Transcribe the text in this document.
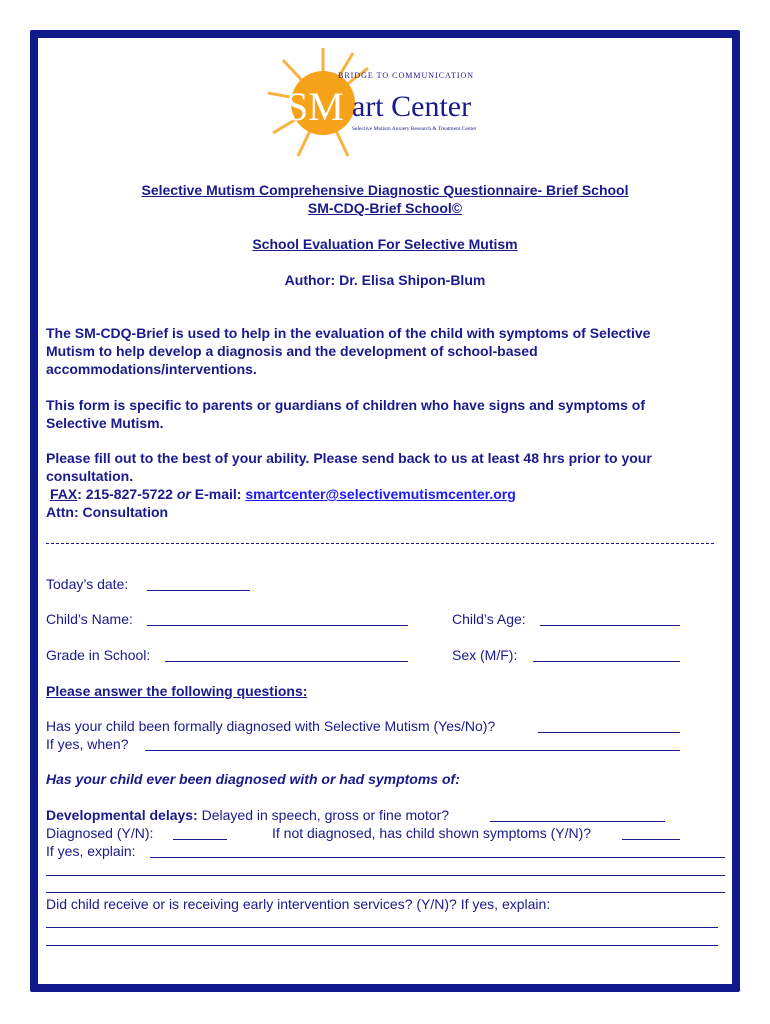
BRIDGE TO COMMUNICATION
SM art Center
Selective Mutism Anxiety Research & Treatment Center
Selective Mutism Comprehensive Diagnostic Questionnaire- Brief School
SM-CDQ-Brief School©
School Evaluation For Selective Mutism
Author: Dr. Elisa Shipon-Blum
The SM-CDQ-Brief is used to help in the evaluation of the child with symptoms of Selective
Mutism to help develop a diagnosis and the development of school-based
accommodations/interventions.
This form is specific to parents or guardians of children who have signs and symptoms of
Selective Mutism.
Please fill out to the best of your ability. Please send back to us at least 48 hrs prior to your
consultation.
FAX: 215-827-5722 or E-mail: smartcenter@selectivemutismcenter.org
Attn: Consultation
Today’s date:
Child’s Name:	Child’s Age:
Grade in School:	Sex (M/F):
Please answer the following questions:
Has your child been formally diagnosed with Selective Mutism (Yes/No)?
If yes, when?
Has your child ever been diagnosed with or had symptoms of:
Developmental delays: Delayed in speech, gross or fine motor?
Diagnosed (Y/N):	If not diagnosed, has child shown symptoms (Y/N)?
If yes, explain:
Did child receive or is receiving early intervention services? (Y/N)? If yes, explain:
